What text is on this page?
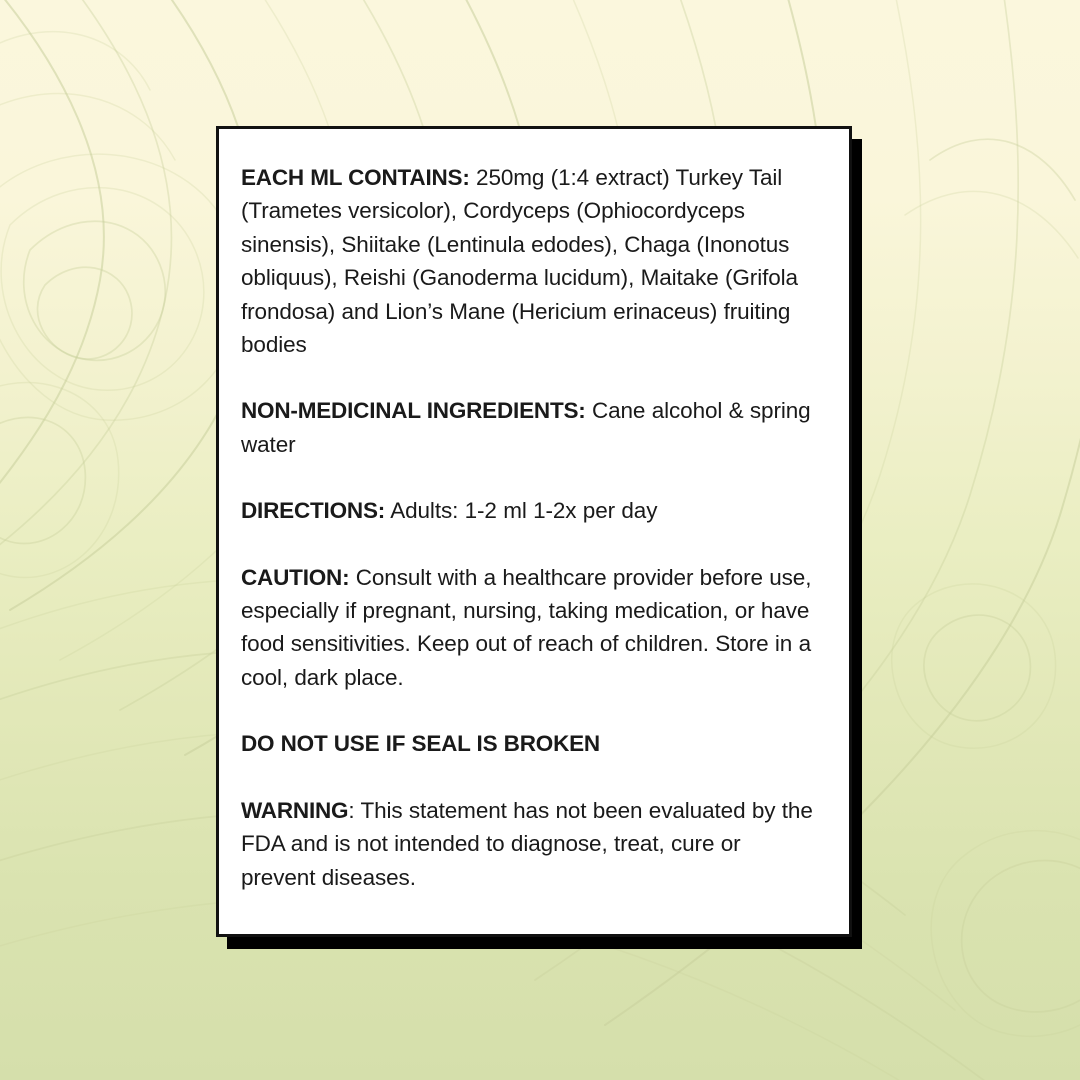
EACH ML CONTAINS: 250mg (1:4 extract) Turkey Tail (Trametes versicolor), Cordyceps (Ophiocordyceps sinensis), Shiitake (Lentinula edodes), Chaga (Inonotus obliquus), Reishi (Ganoderma lucidum), Maitake (Grifola frondosa) and Lion’s Mane (Hericium erinaceus) fruiting bodies

NON-MEDICINAL INGREDIENTS: Cane alcohol & spring water

DIRECTIONS: Adults: 1-2 ml 1-2x per day

CAUTION: Consult with a healthcare provider before use, especially if pregnant, nursing, taking medication, or have food sensitivities. Keep out of reach of children. Store in a cool, dark place.

DO NOT USE IF SEAL IS BROKEN

WARNING: This statement has not been evaluated by the FDA and is not intended to diagnose, treat, cure or prevent diseases.
